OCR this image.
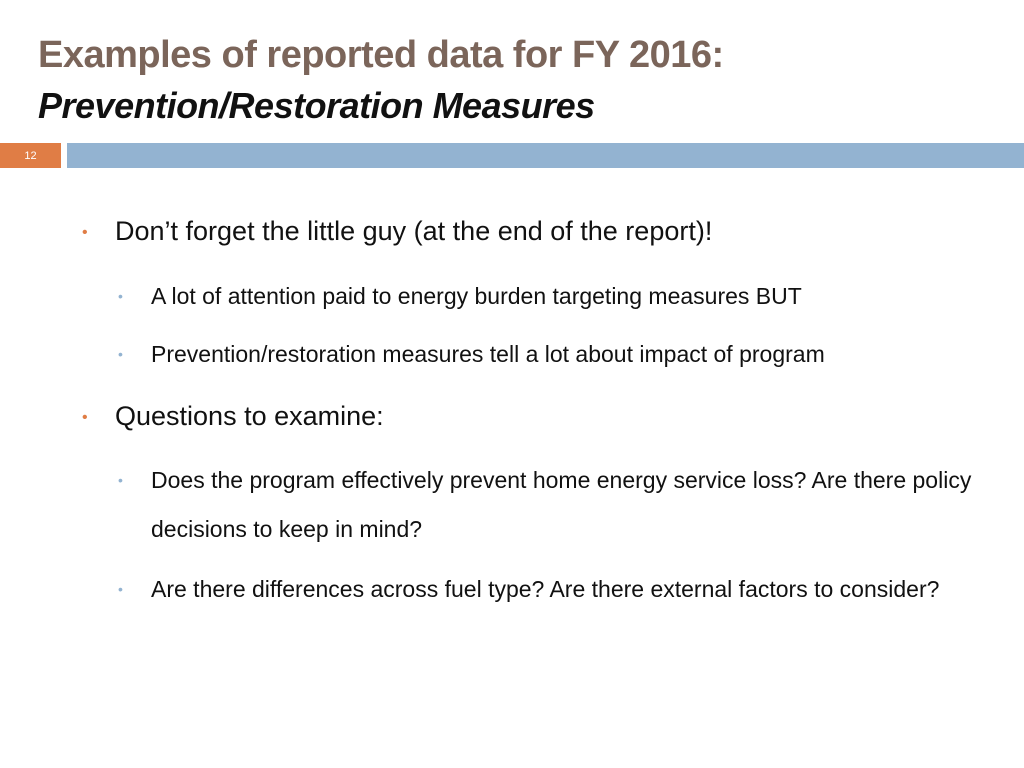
Examples of reported data for FY 2016:
Prevention/Restoration Measures
12
•	Don’t forget the little guy (at the end of the report)!
•	A lot of attention paid to energy burden targeting measures BUT
•	Prevention/restoration measures tell a lot about impact of program
•	Questions to examine:
•	Does the program effectively prevent home energy service loss? Are there policy decisions to keep in mind?
•	Are there differences across fuel type? Are there external factors to consider?
